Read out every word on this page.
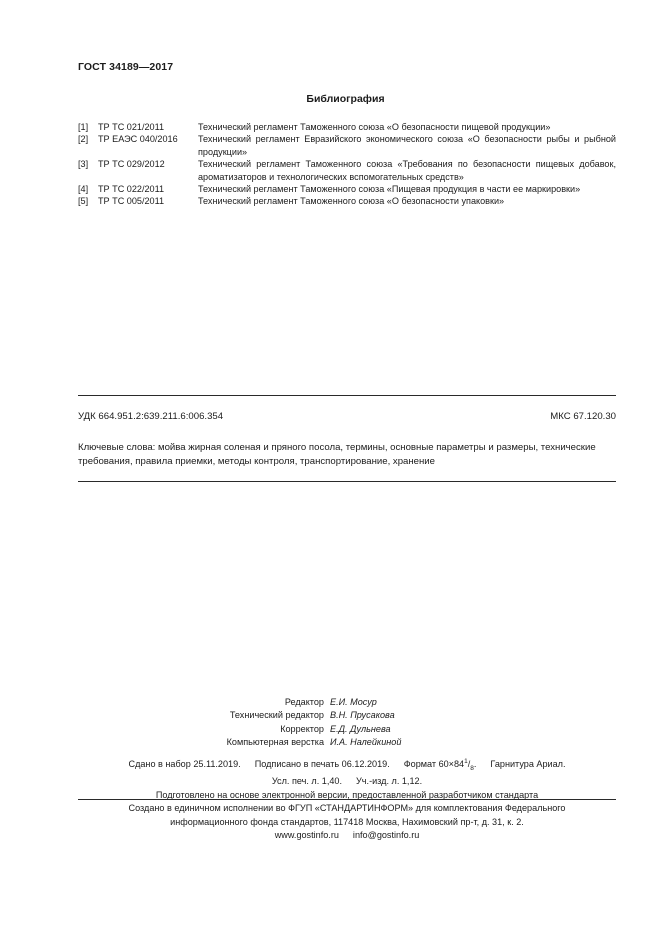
ГОСТ 34189—2017
Библиография
[1]	ТР ТС 021/2011	Технический регламент Таможенного союза «О безопасности пищевой продукции»
[2]	ТР ЕАЭС 040/2016	Технический регламент Евразийского экономического союза «О безопасности рыбы и рыбной продукции»
[3]	ТР ТС 029/2012	Технический регламент Таможенного союза «Требования по безопасности пищевых добавок, ароматизаторов и технологических вспомогательных средств»
[4]	ТР ТС 022/2011	Технический регламент Таможенного союза «Пищевая продукция в части ее маркировки»
[5]	ТР ТС 005/2011	Технический регламент Таможенного союза «О безопасности упаковки»
УДК 664.951.2:639.211.6:006.354	МКС 67.120.30
Ключевые слова: мойва жирная соленая и пряного посола, термины, основные параметры и размеры, технические требования, правила приемки, методы контроля, транспортирование, хранение
Редактор Е.И. Мосур
Технический редактор В.Н. Прусакова
Корректор Е.Д. Дульнева
Компьютерная верстка И.А. Налейкиной
Сдано в набор 25.11.2019. Подписано в печать 06.12.2019. Формат $60\times 84^1/_8$. Гарнитура Ариал.
Усл. печ. л. 1,40. Уч.-изд. л. 1,12.
Подготовлено на основе электронной версии, предоставленной разработчиком стандарта
Создано в единичном исполнении во ФГУП «СТАНДАРТИНФОРМ» для комплектования Федерального
информационного фонда стандартов, 117418 Москва, Нахимовский пр-т, д. 31, к. 2.
www.gostinfo.ru info@gostinfo.ru
